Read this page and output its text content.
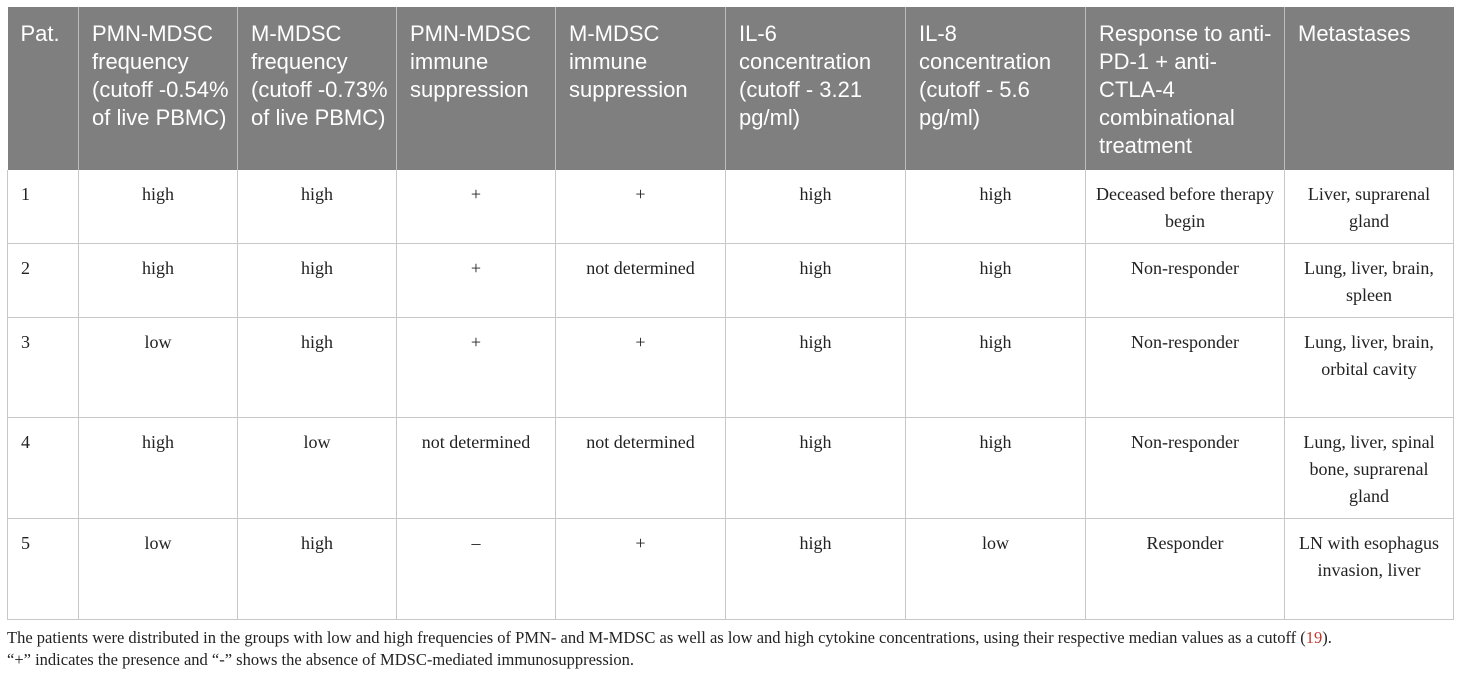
Pat.	PMN-MDSC frequency (cutoff -0.54% of live PBMC)	M-MDSC frequency (cutoff -0.73% of live PBMC)	PMN-MDSC immune suppression	M-MDSC immune suppression	IL-6 concentration (cutoff - 3.21 pg/ml)	IL-8 concentration (cutoff - 5.6 pg/ml)	Response to anti-PD-1 + anti-CTLA-4 combinational treatment	Metastases
1	high	high	+	+	high	high	Deceased before therapy begin	Liver, suprarenal gland
2	high	high	+	not determined	high	high	Non-responder	Lung, liver, brain, spleen
3	low	high	+	+	high	high	Non-responder	Lung, liver, brain, orbital cavity
4	high	low	not determined	not determined	high	high	Non-responder	Lung, liver, spinal bone, suprarenal gland
5	low	high	–	+	high	low	Responder	LN with esophagus invasion, liver
The patients were distributed in the groups with low and high frequencies of PMN- and M-MDSC as well as low and high cytokine concentrations, using their respective median values as a cutoff (19).
“+” indicates the presence and “-” shows the absence of MDSC-mediated immunosuppression.
